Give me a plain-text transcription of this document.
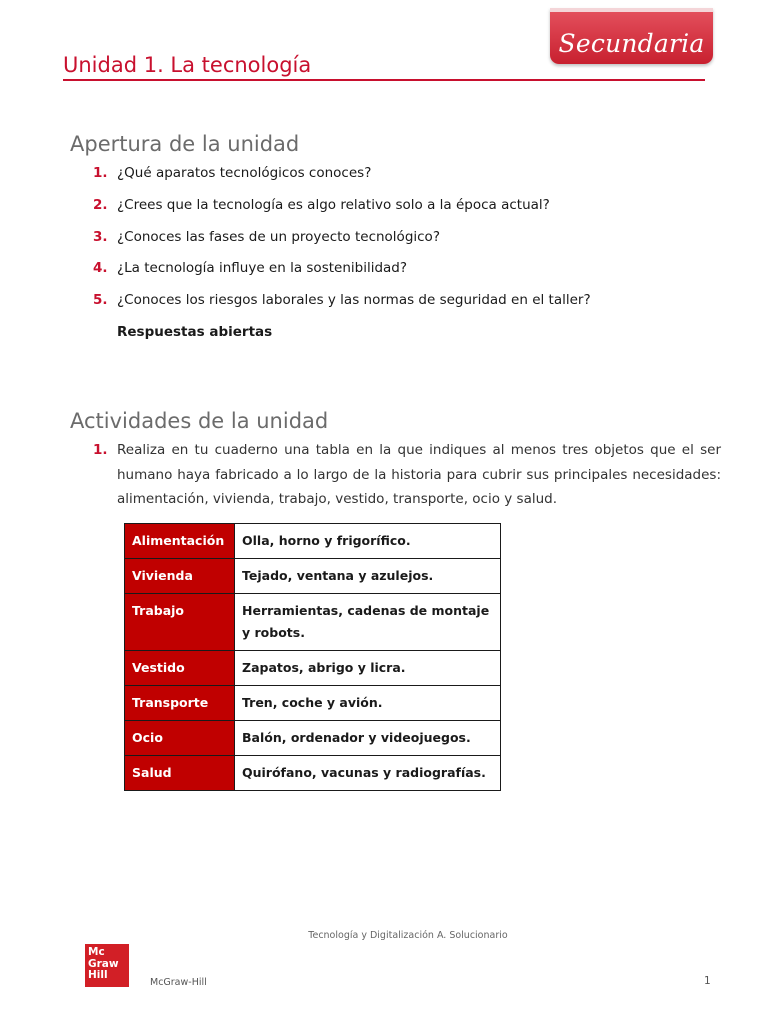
Secundaria
Unidad 1. La tecnología
Apertura de la unidad
1. ¿Qué aparatos tecnológicos conoces?
2. ¿Crees que la tecnología es algo relativo solo a la época actual?
3. ¿Conoces las fases de un proyecto tecnológico?
4. ¿La tecnología influye en la sostenibilidad?
5. ¿Conoces los riesgos laborales y las normas de seguridad en el taller?
Respuestas abiertas
Actividades de la unidad
1. Realiza en tu cuaderno una tabla en la que indiques al menos tres objetos que el ser humano haya fabricado a lo largo de la historia para cubrir sus principales necesidades: alimentación, vivienda, trabajo, vestido, transporte, ocio y salud.

Alimentación	Olla, horno y frigorífico.
Vivienda	Tejado, ventana y azulejos.
Trabajo	Herramientas, cadenas de montaje y robots.
Vestido	Zapatos, abrigo y licra.
Transporte	Tren, coche y avión.
Ocio	Balón, ordenador y videojuegos.
Salud	Quirófano, vacunas y radiografías.
Tecnología y Digitalización A. Solucionario
Mc
Graw
Hill
McGraw-Hill	1
